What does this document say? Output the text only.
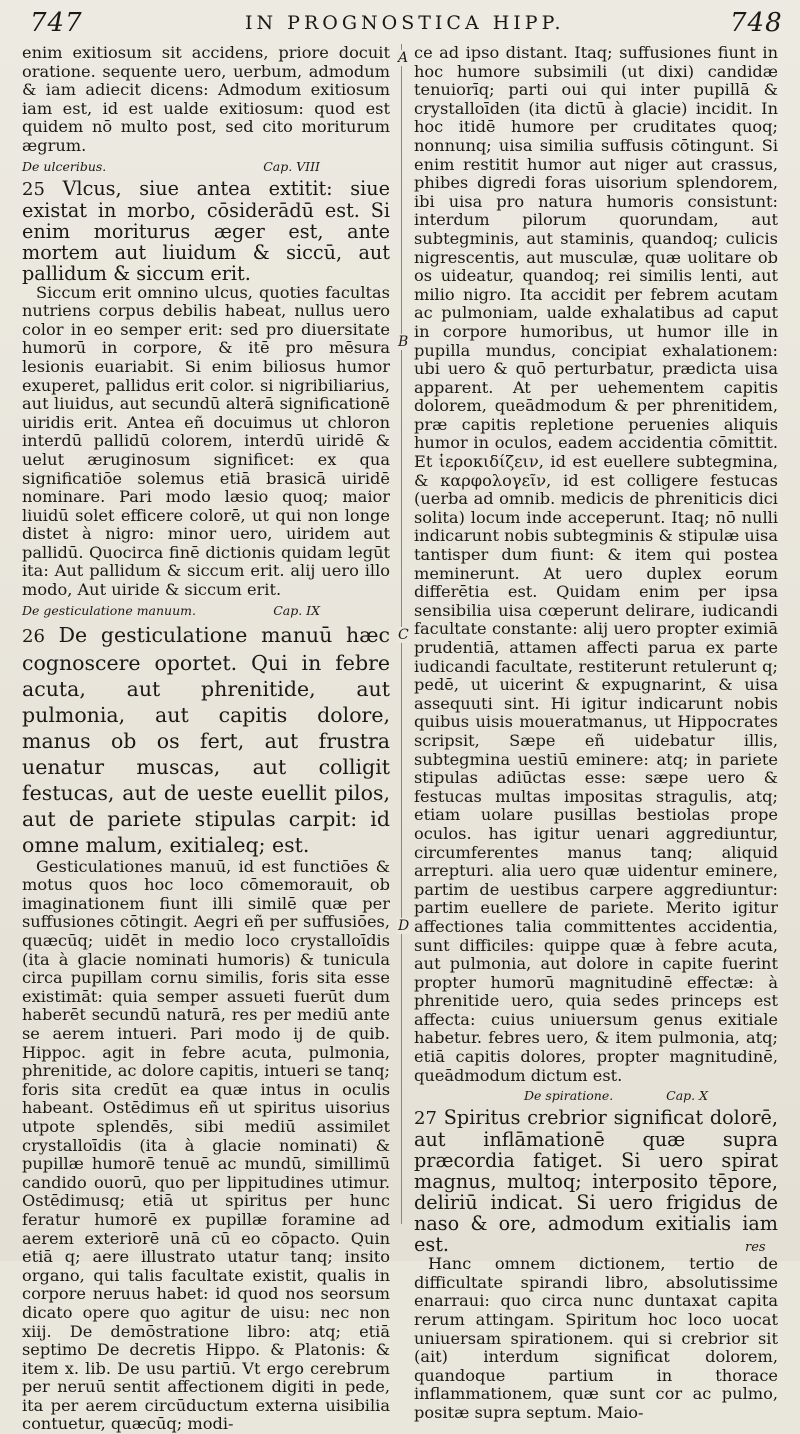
747	IN PROGNOSTICA HIPP.	748
A
B
C
D

enim exitiosum sit accidens, priore docuit oratione. sequente uero, uerbum, admodum & iam adiecit dicens: Admodum exitiosum iam est, id est ualde exitiosum: quod est quidem nō multo post, sed cito moriturum ægrum.

De ulceribus.	Cap. VIII

25 Vlcus, siue antea extitit: siue existat in morbo, cōsiderādū est. Si enim moriturus æger est, ante mortem aut liuidum & siccū, aut pallidum & siccum erit.

Siccum erit omnino ulcus, quoties facultas nutriens corpus debilis habeat, nullus uero color in eo semper erit: sed pro diuersitate humorū in corpore, & itē pro mēsura lesionis euariabit. Si enim biliosus humor exuperet, pallidus erit color. si nigribiliarius, aut liuidus, aut secundū alterā significationē uiridis erit. Antea eñ docuimus ut chloron interdū pallidū colorem, interdū uiridē & uelut æruginosum significet: ex qua significatiōe solemus etiā brasicā uiridē nominare. Pari modo læsio quoq; maior liuidū solet efficere colorē, ut qui non longe distet à nigro: minor uero, uiridem aut pallidū. Quocirca finē dictionis quidam legūt ita: Aut pallidum & siccum erit. alij uero illo modo, Aut uiride & siccum erit.

De gesticulatione manuum.	Cap. IX

26 De gesticulatione manuū hæc cognoscere oportet. Qui in febre acuta, aut phrenitide, aut pulmonia, aut capitis dolore, manus ob os fert, aut frustra uenatur muscas, aut colligit festucas, aut de ueste euellit pilos, aut de pariete stipulas carpit: id omne malum, exitialeq; est.

Gesticulationes manuū, id est functiōes & motus quos hoc loco cōmemorauit, ob imaginationem fiunt illi similē quæ per suffusiones cōtingit. Aegri eñ per suffusiōes, quæcūq; uidēt in medio loco crystalloīdis (ita à glacie nominati humoris) & tunicula circa pupillam cornu similis, foris sita esse existimāt: quia semper assueti fuerūt dum haberēt secundū naturā, res per mediū ante se aerem intueri. Pari modo ij de quib. Hippoc. agit in febre acuta, pulmonia, phrenitide, ac dolore capitis, intueri se tanq; foris sita credūt ea quæ intus in oculis habeant. Ostēdimus eñ ut spiritus uisorius utpote splendēs, sibi mediū assimilet crystalloīdis (ita à glacie nominati) & pupillæ humorē tenuē ac mundū, simillimū candido ouorū, quo per lippitudines utimur. Ostēdimusq; etiā ut spiritus per hunc feratur humorē ex pupillæ foramine ad aerem exteriorē unā cū eo cōpacto. Quin etiā q; aere illustrato utatur tanq; insito organo, qui talis facultate existit, qualis in corpore neruus habet: id quod nos seorsum dicato opere quo agitur de uisu: nec non xiij. De demōstratione libro: atq; etiā septimo De decretis Hippo. & Platonis: & item x. lib. De usu partiū. Vt ergo cerebrum per neruū sentit affectionem digiti in pede, ita per aerem circūductum externa uisibilia contuetur, quæcūq; modi-

ce ad ipso distant. Itaq; suffusiones fiunt in hoc humore subsimili (ut dixi) candidæ tenuiorīq; parti oui qui inter pupillā & crystalloīden (ita dictū à glacie) incidit. In hoc itidē humore per cruditates quoq; nonnunq; uisa similia suffusis cōtingunt. Si enim restitit humor aut niger aut crassus, phibes digredi foras uisorium splendorem, ibi uisa pro natura humoris consistunt: interdum pilorum quorundam, aut subtegminis, aut staminis, quandoq; culicis nigrescentis, aut musculæ, quæ uolitare ob os uideatur, quandoq; rei similis lenti, aut milio nigro. Ita accidit per febrem acutam ac pulmoniam, ualde exhalatibus ad caput in corpore humoribus, ut humor ille in pupilla mundus, concipiat exhalationem: ubi uero & quō perturbatur, prædicta uisa apparent. At per uehementem capitis dolorem, queādmodum & per phrenitidem, præ capitis repletione peruenies aliquis humor in oculos, eadem accidentia cōmittit. Et ἱεροκιδίζειν, id est euellere subtegmina, & καρφολογεῖν, id est colligere festucas (uerba ad omnib. medicis de phreniticis dici solita) locum inde acceperunt. Itaq; nō nulli indicarunt nobis subtegminis & stipulæ uisa tantisper dum fiunt: & item qui postea meminerunt. At uero duplex eorum differētia est. Quidam enim per ipsa sensibilia uisa cœperunt delirare, iudicandi facultate constante: alij uero propter eximiā prudentiā, attamen affecti parua ex parte iudicandi facultate, restiterunt retulerunt q; pedē, ut uicerint & expugnarint, & uisa assequuti sint. Hi igitur indicarunt nobis quibus uisis moueratmanus, ut Hippocrates scripsit, Sæpe eñ uidebatur illis, subtegmina uestiū eminere: atq; in pariete stipulas adiūctas esse: sæpe uero & festucas multas impositas stragulis, atq; etiam uolare pusillas bestiolas prope oculos. has igitur uenari aggrediuntur, circumferentes manus tanq; aliquid arrepturi. alia uero quæ uidentur eminere, partim de uestibus carpere aggrediuntur: partim euellere de pariete. Merito igitur affectiones talia committentes accidentia, sunt difficiles: quippe quæ à febre acuta, aut pulmonia, aut dolore in capite fuerint propter humorū magnitudinē effectæ: à phrenitide uero, quia sedes princeps est affecta: cuius uniuersum genus exitiale habetur. febres uero, & item pulmonia, atq; etiā capitis dolores, propter magnitudinē, queādmodum dictum est.

De spiratione.	Cap. X

27 Spiritus crebrior significat dolorē, aut inflāmationē quæ supra præcordia fatiget. Si uero spirat magnus, multoq; interposito tēpore, deliriū indicat. Si uero frigidus de naso & ore, admodum exitialis iam est.

Hanc omnem dictionem, tertio de difficultate spirandi libro, absolutissime enarraui: quo circa nunc duntaxat capita rerum attingam. Spiritum hoc loco uocat uniuersam spirationem. qui si crebrior sit (ait) interdum significat dolorem, quandoque partium in thorace inflammationem, quæ sunt cor ac pulmo, positæ supra septum. Maio-

res
